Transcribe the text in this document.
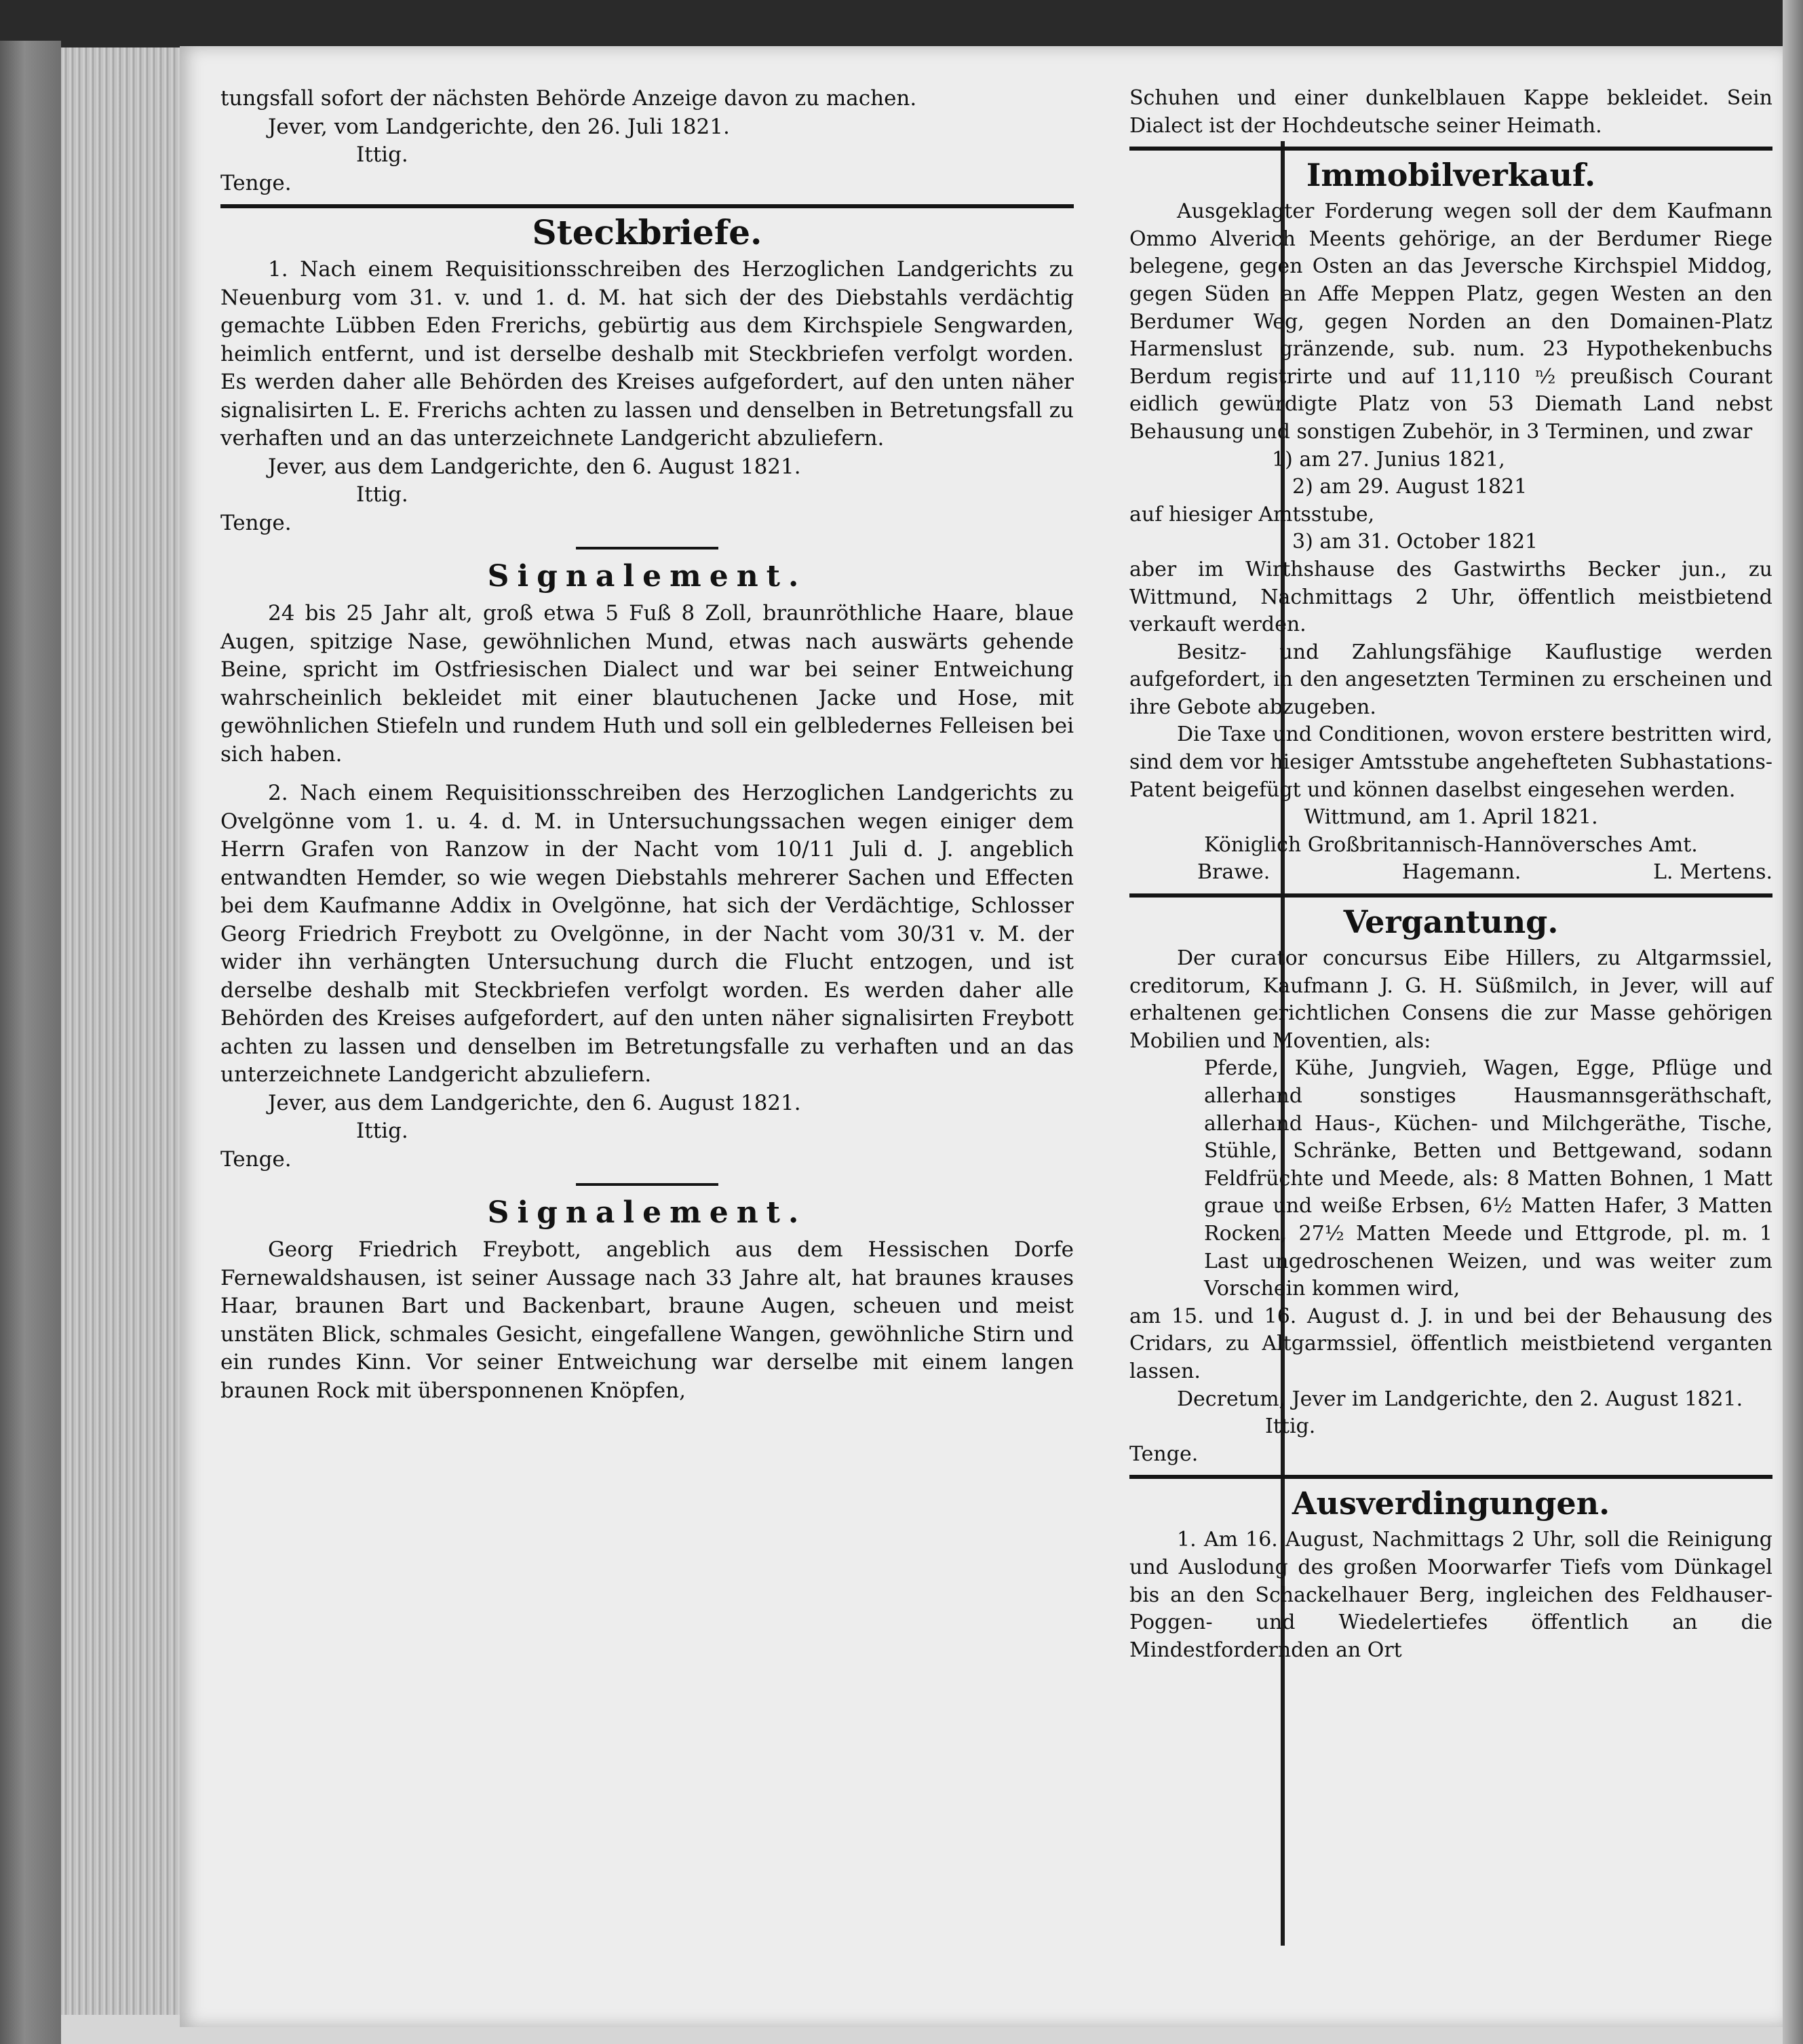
tungsfall sofort der nächsten Behörde Anzeige davon zu machen.

Jever, vom Landgerichte, den 26. Juli 1821.

Ittig.
Tenge.
Steckbriefe.

1. Nach einem Requisitionsschreiben des Herzoglichen Landgerichts zu Neuenburg vom 31. v. und 1. d. M. hat sich der des Diebstahls verdächtig gemachte Lübben Eden Frerichs, gebürtig aus dem Kirchspiele Sengwarden, heimlich entfernt, und ist derselbe deshalb mit Steckbriefen verfolgt worden. Es werden daher alle Behörden des Kreises aufgefordert, auf den unten näher signalisirten L. E. Frerichs achten zu lassen und denselben in Betretungsfall zu verhaften und an das unterzeichnete Landgericht abzuliefern.

Jever, aus dem Landgerichte, den 6. August 1821.

Ittig.
Tenge.
Signalement.

24 bis 25 Jahr alt, groß etwa 5 Fuß 8 Zoll, braunröthliche Haare, blaue Augen, spitzige Nase, gewöhnlichen Mund, etwas nach auswärts gehende Beine, spricht im Ostfriesischen Dialect und war bei seiner Entweichung wahrscheinlich bekleidet mit einer blautuchenen Jacke und Hose, mit gewöhnlichen Stiefeln und rundem Huth und soll ein gelbledernes Felleisen bei sich haben.

2. Nach einem Requisitionsschreiben des Herzoglichen Landgerichts zu Ovelgönne vom 1. u. 4. d. M. in Untersuchungssachen wegen einiger dem Herrn Grafen von Ranzow in der Nacht vom 10/11 Juli d. J. angeblich entwandten Hemder, so wie wegen Diebstahls mehrerer Sachen und Effecten bei dem Kaufmanne Addix in Ovelgönne, hat sich der Verdächtige, Schlosser Georg Friedrich Freybott zu Ovelgönne, in der Nacht vom 30/31 v. M. der wider ihn verhängten Untersuchung durch die Flucht entzogen, und ist derselbe deshalb mit Steckbriefen verfolgt worden. Es werden daher alle Behörden des Kreises aufgefordert, auf den unten näher signalisirten Freybott achten zu lassen und denselben im Betretungsfalle zu verhaften und an das unterzeichnete Landgericht abzuliefern.

Jever, aus dem Landgerichte, den 6. August 1821.

Ittig.
Tenge.
Signalement.

Georg Friedrich Freybott, angeblich aus dem Hessischen Dorfe Fernewaldshausen, ist seiner Aussage nach 33 Jahre alt, hat braunes krauses Haar, braunen Bart und Backenbart, braune Augen, scheuen und meist unstäten Blick, schmales Gesicht, eingefallene Wangen, gewöhnliche Stirn und ein rundes Kinn. Vor seiner Entweichung war derselbe mit einem langen braunen Rock mit übersponnenen Knöpfen,

Schuhen und einer dunkelblauen Kappe bekleidet. Sein Dialect ist der Hochdeutsche seiner Heimath.

Immobilverkauf.

Ausgeklagter Forderung wegen soll der dem Kaufmann Ommo Alverich Meents gehörige, an der Berdumer Riege belegene, gegen Osten an das Jeversche Kirchspiel Middog, gegen Süden an Affe Meppen Platz, gegen Westen an den Berdumer Weg, gegen Norden an den Domainen-Platz Harmenslust gränzende, sub. num. 23 Hypothekenbuchs Berdum registrirte und auf 11,110 ⁿ⁄₂ preußisch Courant eidlich gewürdigte Platz von 53 Diemath Land nebst Behausung und sonstigen Zubehör, in 3 Terminen, und zwar

1) am 27. Junius 1821,
2) am 29. August 1821
auf hiesiger Amtsstube,
3) am 31. October 1821

aber im Wirthshause des Gastwirths Becker jun., zu Wittmund, Nachmittags 2 Uhr, öffentlich meistbietend verkauft werden.

Besitz- und Zahlungsfähige Kauflustige werden aufgefordert, in den angesetzten Terminen zu erscheinen und ihre Gebote abzugeben.

Die Taxe und Conditionen, wovon erstere bestritten wird, sind dem vor hiesiger Amtsstube angehefteten Subhastations-Patent beigefügt und können daselbst eingesehen werden.

Wittmund, am 1. April 1821.
Königlich Großbritannisch-Hannöversches Amt.
Brawe.	Hagemann.	L. Mertens.
Vergantung.

Der curator concursus Eibe Hillers, zu Altgarmssiel, creditorum, Kaufmann J. G. H. Süßmilch, in Jever, will auf erhaltenen gerichtlichen Consens die zur Masse gehörigen Mobilien und Moventien, als:

Pferde, Kühe, Jungvieh, Wagen, Egge, Pflüge und allerhand sonstiges Hausmannsgeräthschaft, allerhand Haus-, Küchen- und Milchgeräthe, Tische, Stühle, Schränke, Betten und Bettgewand, sodann Feldfrüchte und Meede, als: 8 Matten Bohnen, 1 Matt graue und weiße Erbsen, 6½ Matten Hafer, 3 Matten Rocken, 27½ Matten Meede und Ettgrode, pl. m. 1 Last ungedroschenen Weizen, und was weiter zum Vorschein kommen wird,

am 15. und 16. August d. J. in und bei der Behausung des Cridars, zu Altgarmssiel, öffentlich meistbietend verganten lassen.

Decretum, Jever im Landgerichte, den 2. August 1821.

Ittig.
Tenge.
Ausverdingungen.

1. Am 16. August, Nachmittags 2 Uhr, soll die Reinigung und Auslodung des großen Moorwarfer Tiefs vom Dünkagel bis an den Schackelhauer Berg, ingleichen des Feldhauser-Poggen- und Wiedelertiefes öffentlich an die Mindestfordernden an Ort
